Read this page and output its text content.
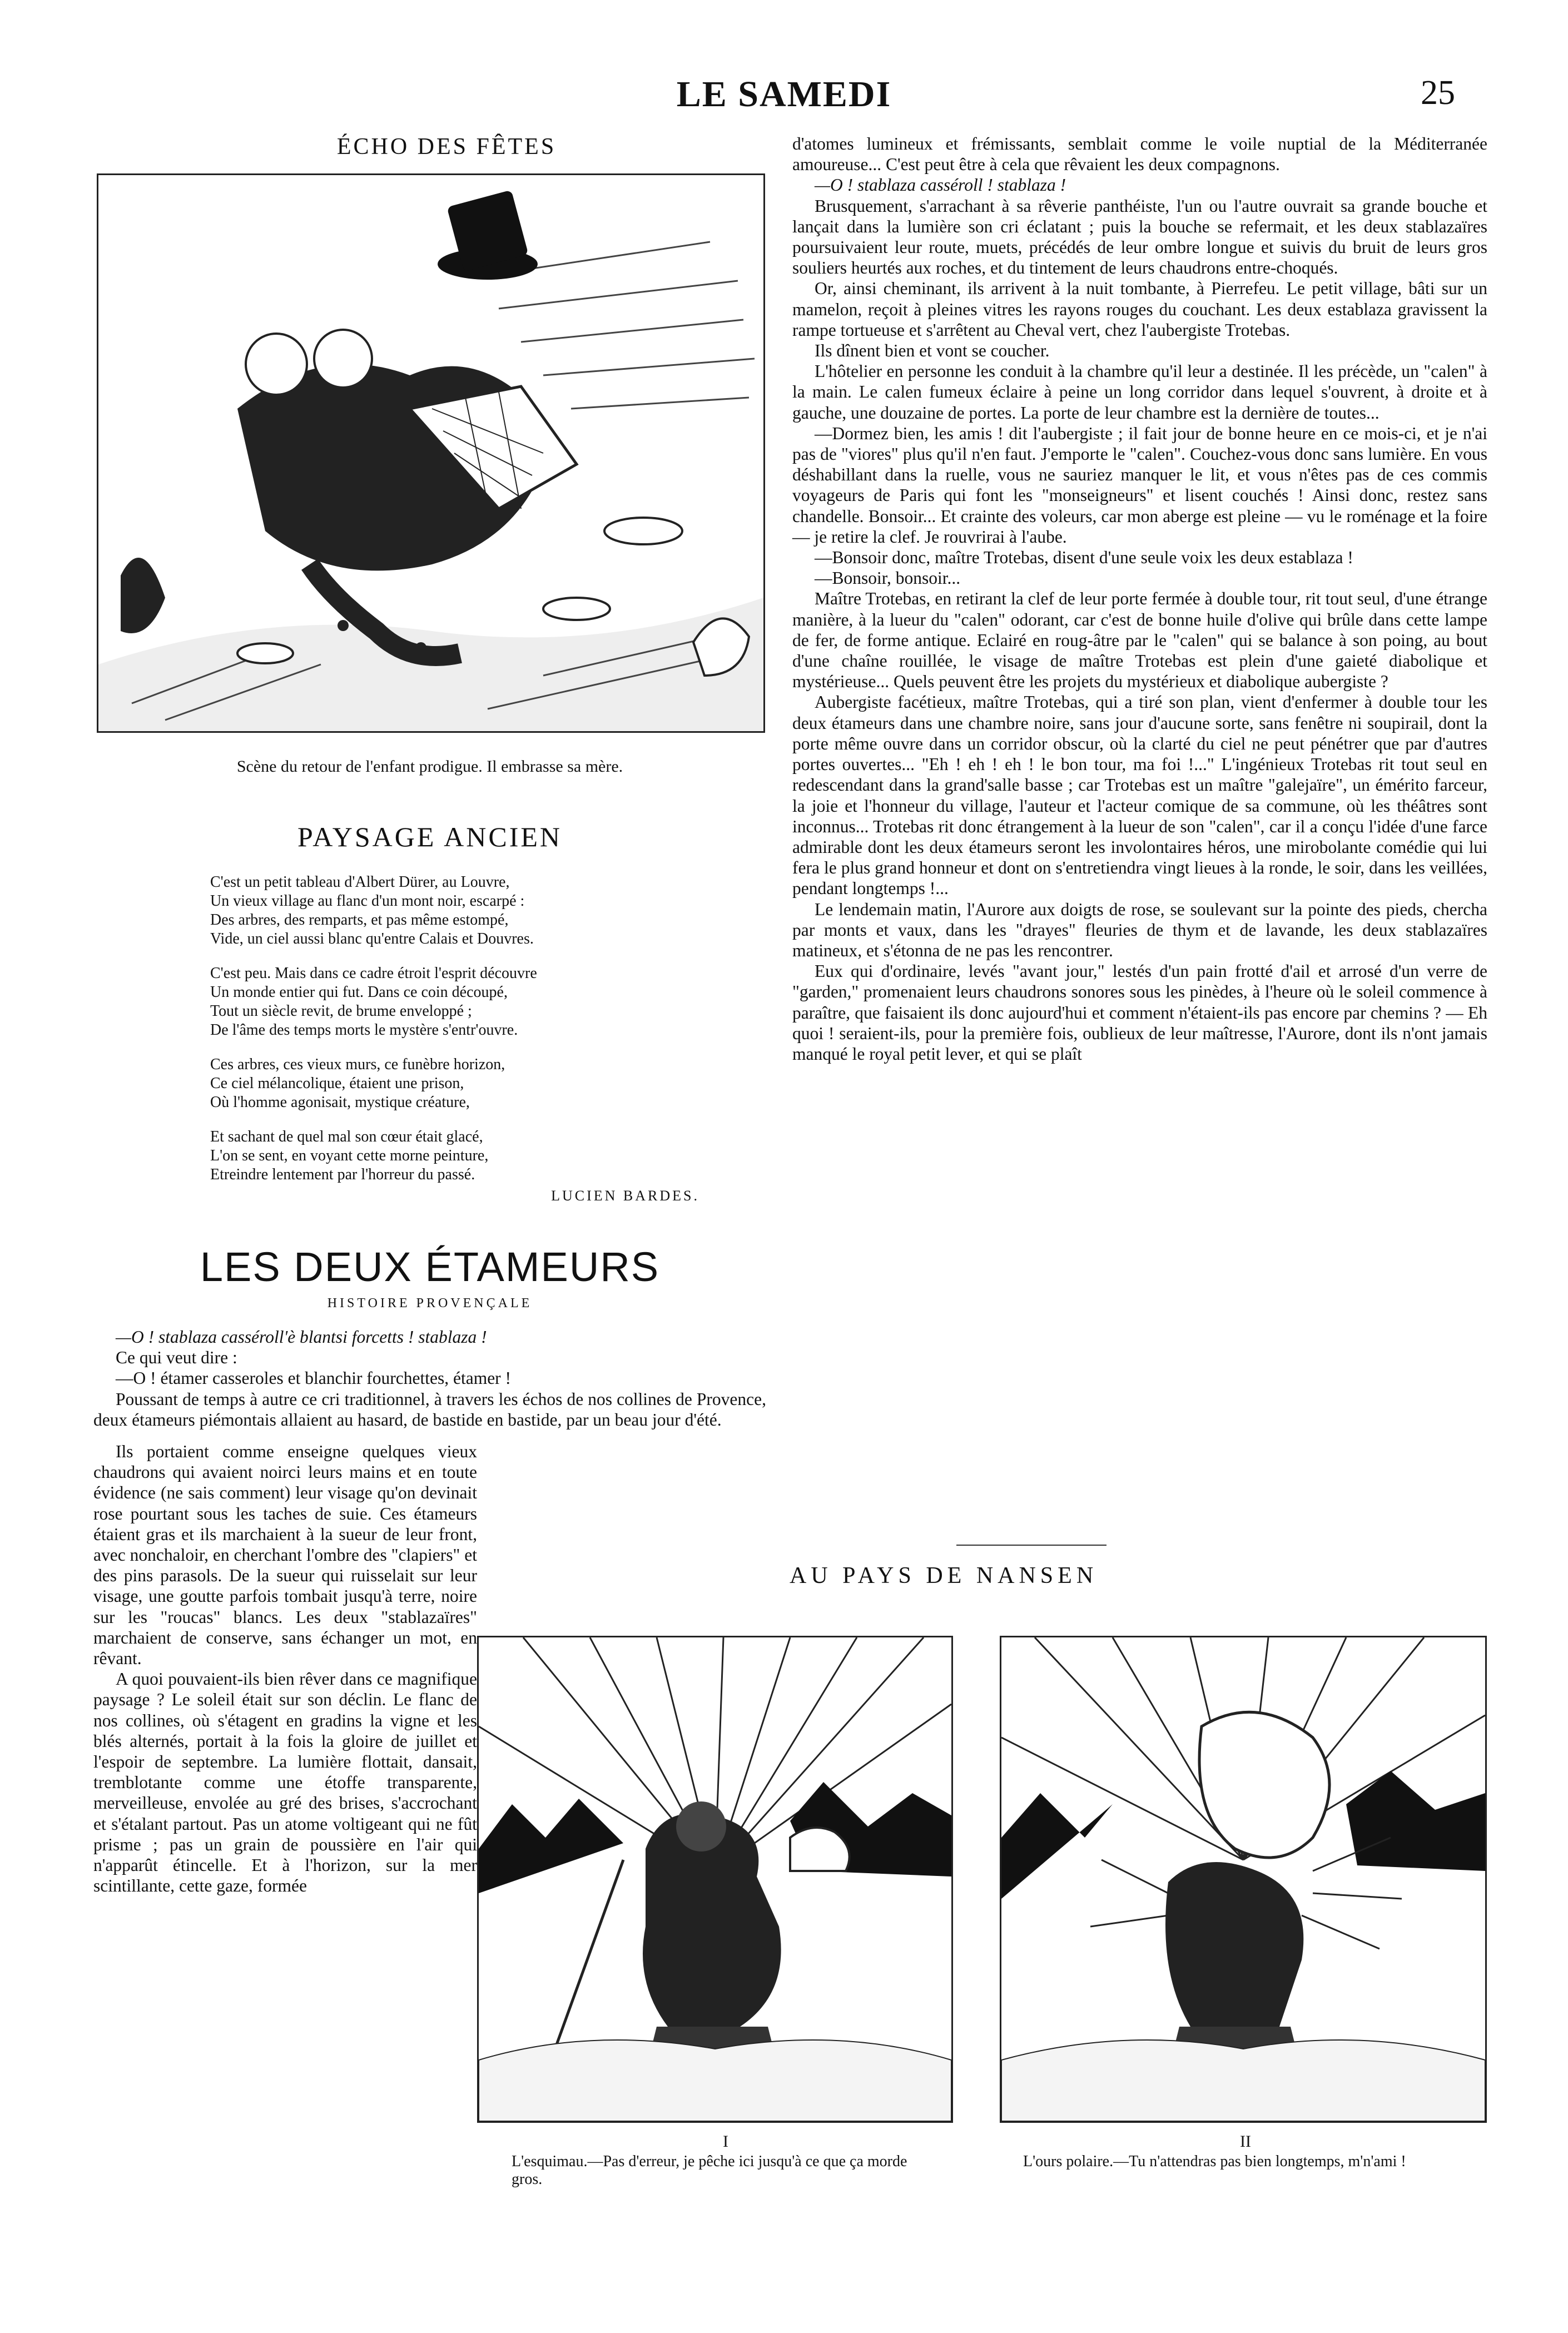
LE SAMEDI	25
ÉCHO DES FÊTES
Scène du retour de l'enfant prodigue. Il embrasse sa mère.
PAYSAGE ANCIEN
C'est un petit tableau d'Albert Dürer, au Louvre,
Un vieux village au flanc d'un mont noir, escarpé :
Des arbres, des remparts, et pas même estompé,
Vide, un ciel aussi blanc qu'entre Calais et Douvres.
C'est peu. Mais dans ce cadre étroit l'esprit découvre
Un monde entier qui fut. Dans ce coin découpé,
Tout un siècle revit, de brume enveloppé ;
De l'âme des temps morts le mystère s'entr'ouvre.
Ces arbres, ces vieux murs, ce funèbre horizon,
Ce ciel mélancolique, étaient une prison,
Où l'homme agonisait, mystique créature,
Et sachant de quel mal son cœur était glacé,
L'on se sent, en voyant cette morne peinture,
Etreindre lentement par l'horreur du passé.
LUCIEN BARDES.
LES DEUX ÉTAMEURS
HISTOIRE PROVENÇALE

—O ! stablaza casséroll'è blantsi forcetts ! stablaza !

Ce qui veut dire :

—O ! étamer casseroles et blanchir fourchettes, étamer !

Poussant de temps à autre ce cri traditionnel, à travers les échos de nos collines de Provence, deux étameurs piémontais allaient au hasard, de bastide en bastide, par un beau jour d'été.

Ils portaient comme enseigne quelques vieux chaudrons qui avaient noirci leurs mains et en toute évidence (ne sais comment) leur visage qu'on devinait rose pourtant sous les taches de suie. Ces étameurs étaient gras et ils marchaient à la sueur de leur front, avec nonchaloir, en cherchant l'ombre des "clapiers" et des pins parasols. De la sueur qui ruisselait sur leur visage, une goutte parfois tombait jusqu'à terre, noire sur les "roucas" blancs. Les deux "stablazaïres" marchaient de conserve, sans échanger un mot, en rêvant.

A quoi pouvaient-ils bien rêver dans ce magnifique paysage ? Le soleil était sur son déclin. Le flanc de nos collines, où s'étagent en gradins la vigne et les blés alternés, portait à la fois la gloire de juillet et l'espoir de septembre. La lumière flottait, dansait, tremblotante comme une étoffe transparente, merveilleuse, envolée au gré des brises, s'accrochant et s'étalant partout. Pas un atome voltigeant qui ne fût prisme ; pas un grain de poussière en l'air qui n'apparût étincelle. Et à l'horizon, sur la mer scintillante, cette gaze, formée

d'atomes lumineux et frémissants, semblait comme le voile nuptial de la Méditerranée amoureuse... C'est peut être à cela que rêvaient les deux compagnons.

—O ! stablaza casséroll ! stablaza !

Brusquement, s'arrachant à sa rêverie panthéiste, l'un ou l'autre ouvrait sa grande bouche et lançait dans la lumière son cri éclatant ; puis la bouche se refermait, et les deux stablazaïres poursuivaient leur route, muets, précédés de leur ombre longue et suivis du bruit de leurs gros souliers heurtés aux roches, et du tintement de leurs chaudrons entre-choqués.

Or, ainsi cheminant, ils arrivent à la nuit tombante, à Pierrefeu. Le petit village, bâti sur un mamelon, reçoit à pleines vitres les rayons rouges du couchant. Les deux establaza gravissent la rampe tortueuse et s'arrêtent au Cheval vert, chez l'aubergiste Trotebas.

Ils dînent bien et vont se coucher.

L'hôtelier en personne les conduit à la chambre qu'il leur a destinée. Il les précède, un "calen" à la main. Le calen fumeux éclaire à peine un long corridor dans lequel s'ouvrent, à droite et à gauche, une douzaine de portes. La porte de leur chambre est la dernière de toutes...

—Dormez bien, les amis ! dit l'aubergiste ; il fait jour de bonne heure en ce mois-ci, et je n'ai pas de "viores" plus qu'il n'en faut. J'emporte le "calen". Couchez-vous donc sans lumière. En vous déshabillant dans la ruelle, vous ne sauriez manquer le lit, et vous n'êtes pas de ces commis voyageurs de Paris qui font les "monseigneurs" et lisent couchés ! Ainsi donc, restez sans chandelle. Bonsoir... Et crainte des voleurs, car mon aberge est pleine — vu le roménage et la foire — je retire la clef. Je rouvrirai à l'aube.

—Bonsoir donc, maître Trotebas, disent d'une seule voix les deux establaza !

—Bonsoir, bonsoir...

Maître Trotebas, en retirant la clef de leur porte fermée à double tour, rit tout seul, d'une étrange manière, à la lueur du "calen" odorant, car c'est de bonne huile d'olive qui brûle dans cette lampe de fer, de forme antique. Eclairé en roug-âtre par le "calen" qui se balance à son poing, au bout d'une chaîne rouillée, le visage de maître Trotebas est plein d'une gaieté diabolique et mystérieuse... Quels peuvent être les projets du mystérieux et diabolique aubergiste ?

Aubergiste facétieux, maître Trotebas, qui a tiré son plan, vient d'enfermer à double tour les deux étameurs dans une chambre noire, sans jour d'aucune sorte, sans fenêtre ni soupirail, dont la porte même ouvre dans un corridor obscur, où la clarté du ciel ne peut pénétrer que par d'autres portes ouvertes... "Eh ! eh ! eh ! le bon tour, ma foi !..." L'ingénieux Trotebas rit tout seul en redescendant dans la grand'salle basse ; car Trotebas est un maître "galejaïre", un émérito farceur, la joie et l'honneur du village, l'auteur et l'acteur comique de sa commune, où les théâtres sont inconnus... Trotebas rit donc étrangement à la lueur de son "calen", car il a conçu l'idée d'une farce admirable dont les deux étameurs seront les involontaires héros, une mirobolante comédie qui lui fera le plus grand honneur et dont on s'entretiendra vingt lieues à la ronde, le soir, dans les veillées, pendant longtemps !...

Le lendemain matin, l'Aurore aux doigts de rose, se soulevant sur la pointe des pieds, chercha par monts et vaux, dans les "drayes" fleuries de thym et de lavande, les deux stablazaïres matineux, et s'étonna de ne pas les rencontrer.

Eux qui d'ordinaire, levés "avant jour," lestés d'un pain frotté d'ail et arrosé d'un verre de "garden," promenaient leurs chaudrons sonores sous les pinèdes, à l'heure où le soleil commence à paraître, que faisaient ils donc aujourd'hui et comment n'étaient-ils pas encore par chemins ? — Eh quoi ! seraient-ils, pour la première fois, oublieux de leur maîtresse, l'Aurore, dont ils n'ont jamais manqué le royal petit lever, et qui se plaît

AU PAYS DE NANSEN
I
L'esquimau.—Pas d'erreur, je pêche ici jusqu'à ce que ça morde gros.
II
L'ours polaire.—Tu n'attendras pas bien longtemps, m'n'ami !
